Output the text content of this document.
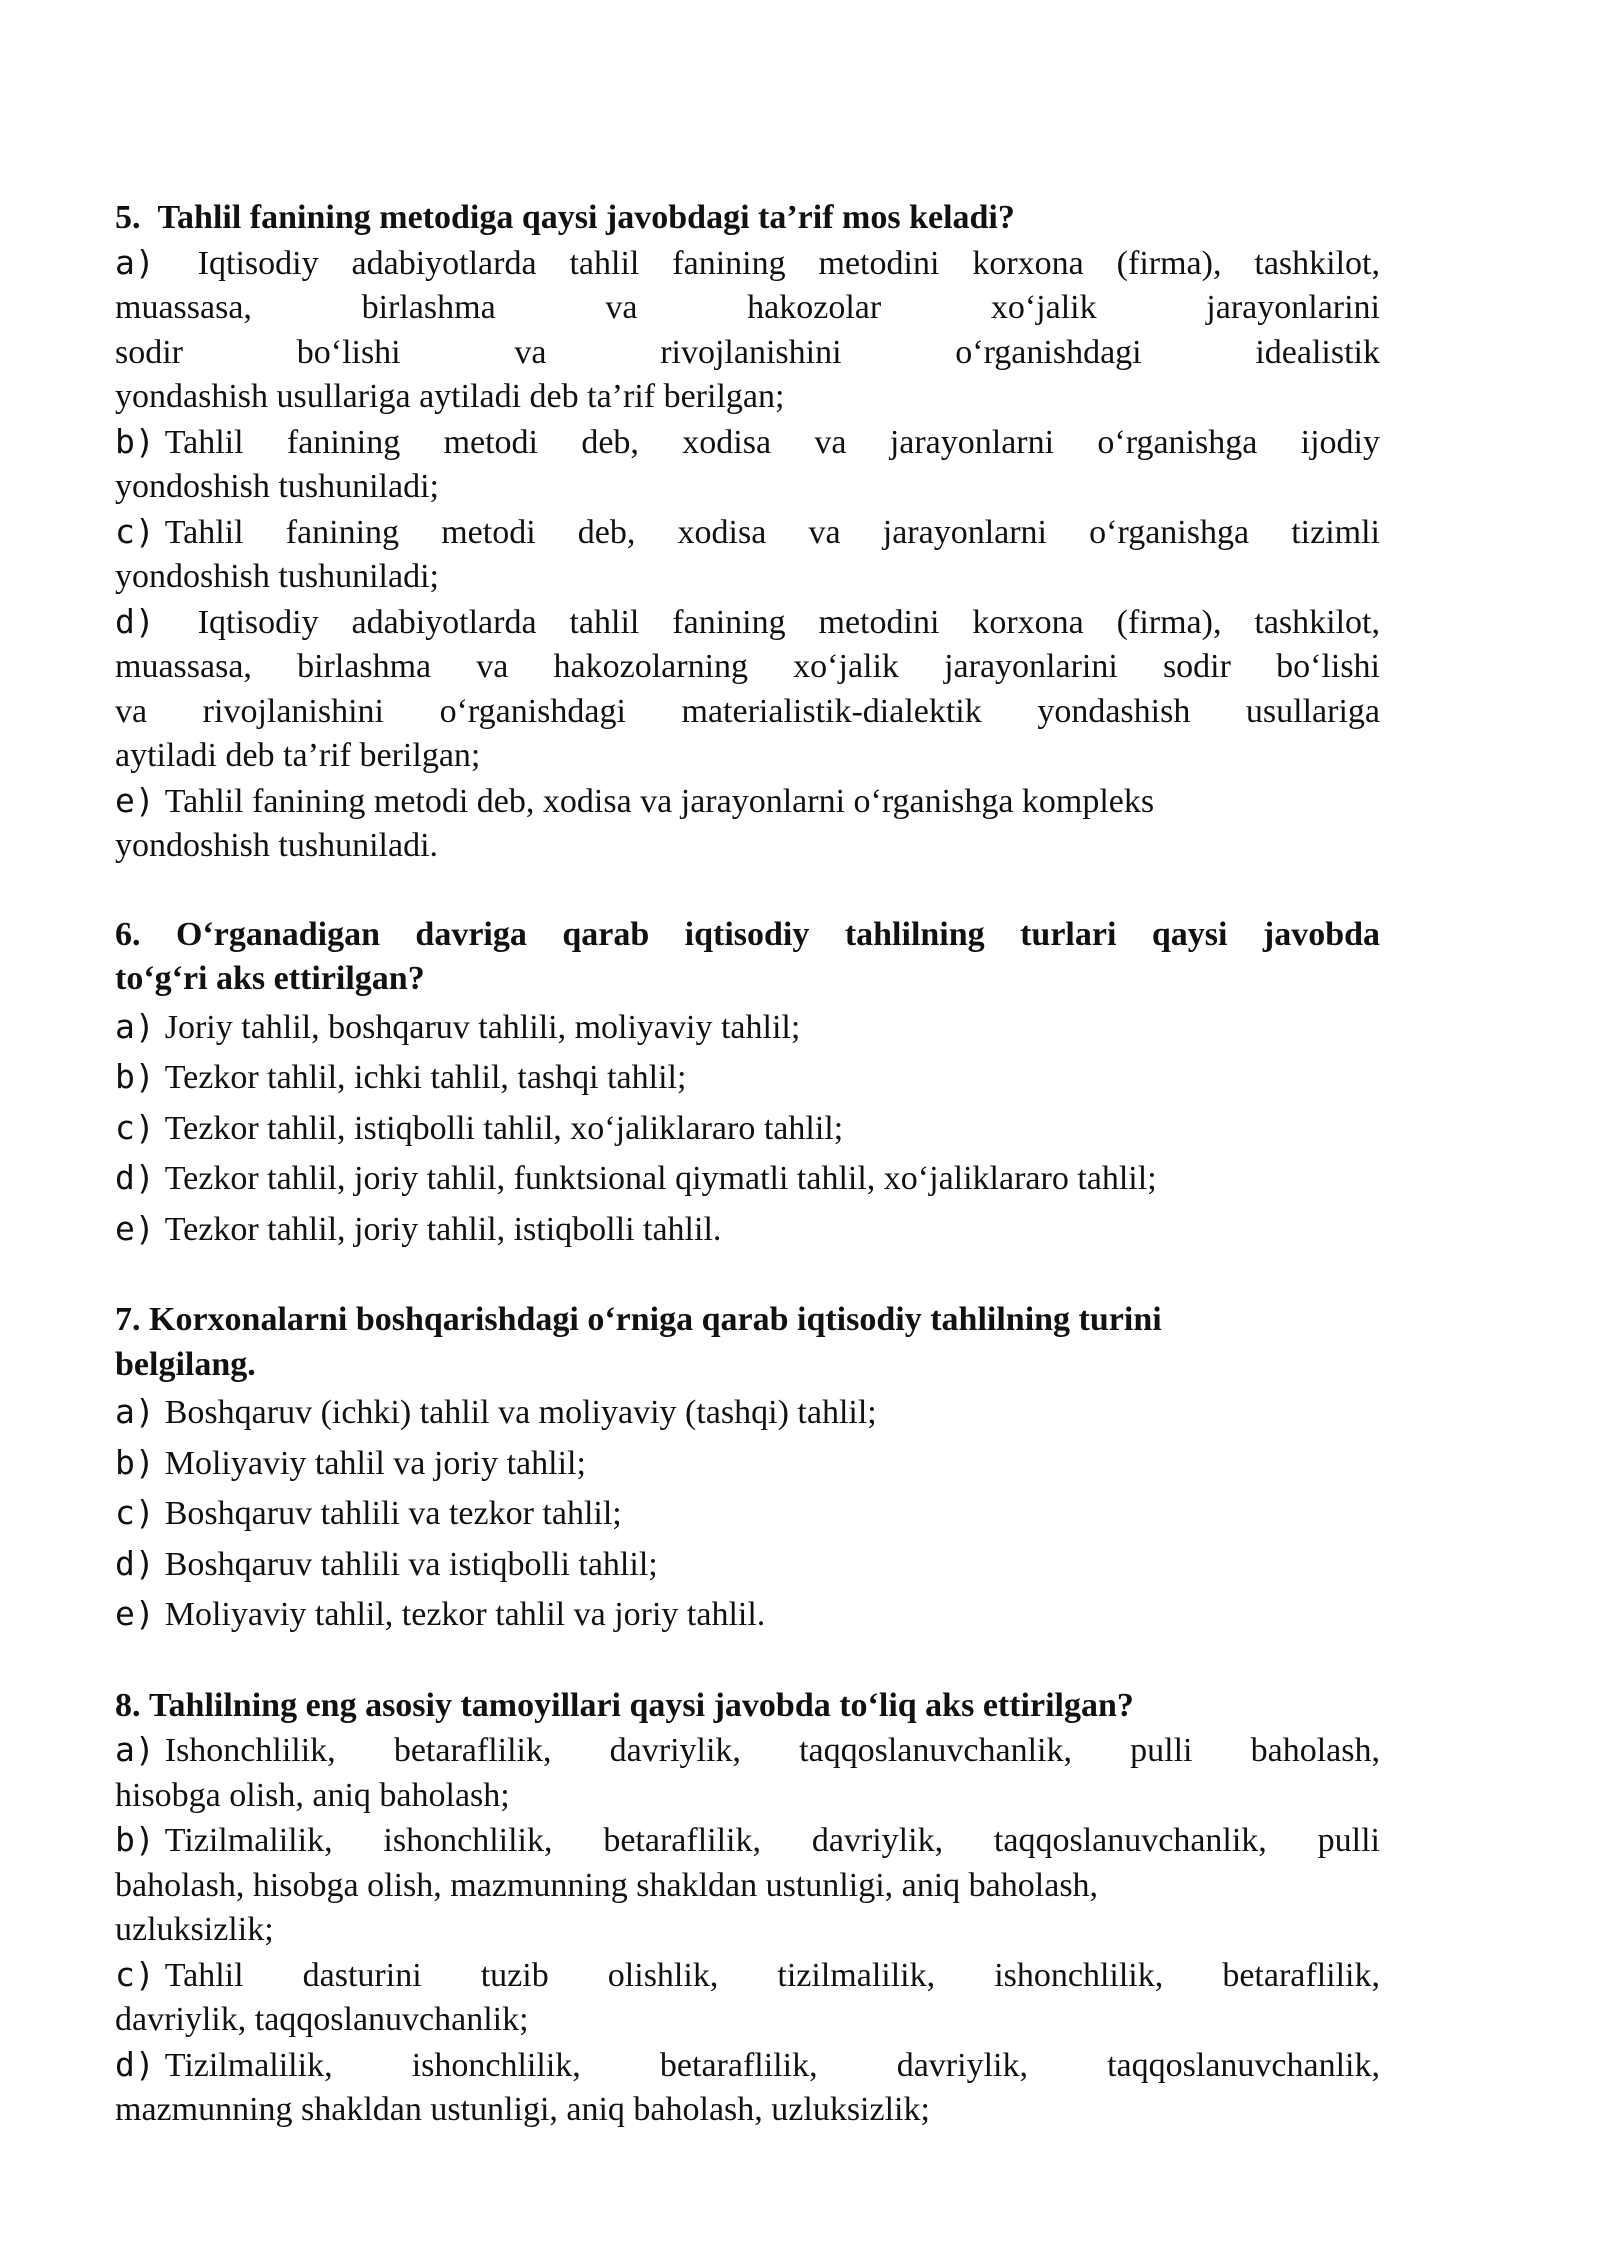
5. Tahlil fanining metodiga qaysi javobdagi ta’rif mos keladi?
a) Iqtisodiy adabiyotlarda tahlil fanining metodini korxona (firma), tashkilot,
muassasa, birlashma va hakozolar xo‘jalik jarayonlarini
sodir bo‘lishi va rivojlanishini o‘rganishdagi idealistik
yondashish usullariga aytiladi deb ta’rif berilgan;
b) Tahlil fanining metodi deb, xodisa va jarayonlarni o‘rganishga ijodiy
yondoshish tushuniladi;
c) Tahlil fanining metodi deb, xodisa va jarayonlarni o‘rganishga tizimli
yondoshish tushuniladi;
d) Iqtisodiy adabiyotlarda tahlil fanining metodini korxona (firma), tashkilot,
muassasa, birlashma va hakozolarning xo‘jalik jarayonlarini sodir bo‘lishi
va rivojlanishini o‘rganishdagi materialistik-dialektik yondashish usullariga
aytiladi deb ta’rif berilgan;
e) Tahlil fanining metodi deb, xodisa va jarayonlarni o‘rganishga kompleks
yondoshish tushuniladi.
6. O‘rganadigan davriga qarab iqtisodiy tahlilning turlari qaysi javobda
to‘g‘ri aks ettirilgan?
a) Joriy tahlil, boshqaruv tahlili, moliyaviy tahlil;
b) Tezkor tahlil, ichki tahlil, tashqi tahlil;
c) Tezkor tahlil, istiqbolli tahlil, xo‘jaliklararo tahlil;
d) Tezkor tahlil, joriy tahlil, funktsional qiymatli tahlil, xo‘jaliklararo tahlil;
e) Tezkor tahlil, joriy tahlil, istiqbolli tahlil.
7. Korxonalarni boshqarishdagi o‘rniga qarab iqtisodiy tahlilning turini
belgilang.
a) Boshqaruv (ichki) tahlil va moliyaviy (tashqi) tahlil;
b) Moliyaviy tahlil va joriy tahlil;
c) Boshqaruv tahlili va tezkor tahlil;
d) Boshqaruv tahlili va istiqbolli tahlil;
e) Moliyaviy tahlil, tezkor tahlil va joriy tahlil.
8. Tahlilning eng asosiy tamoyillari qaysi javobda to‘liq aks ettirilgan?
a) Ishonchlilik, betaraflilik, davriylik, taqqoslanuvchanlik, pulli baholash,
hisobga olish, aniq baholash;
b) Tizilmalilik, ishonchlilik, betaraflilik, davriylik, taqqoslanuvchanlik, pulli
baholash, hisobga olish, mazmunning shakldan ustunligi, aniq baholash,
uzluksizlik;
c) Tahlil dasturini tuzib olishlik, tizilmalilik, ishonchlilik, betaraflilik,
davriylik, taqqoslanuvchanlik;
d) Tizilmalilik, ishonchlilik, betaraflilik, davriylik, taqqoslanuvchanlik,
mazmunning shakldan ustunligi, aniq baholash, uzluksizlik;
